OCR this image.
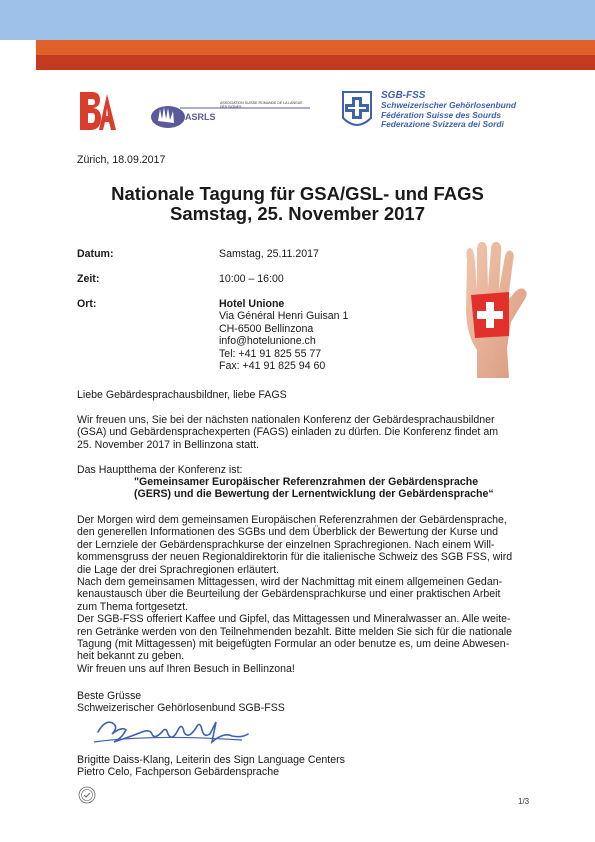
ASSOCIATION SUISSE ROMANDE DE LA LANGUE DES SIGNES
ASRLS
SGB-FSS
Schweizerischer Gehörlosenbund
Fédération Suisse des Sourds
Federazione Svizzera dei Sordi
Zürich, 18.09.2017
Nationale Tagung für GSA/GSL- und FAGS
Samstag, 25. November 2017
Datum:	Samstag, 25.11.2017
Zeit:	10:00 – 16:00
Ort:	Hotel Unione
Via Général Henri Guisan 1
CH-6500 Bellinzona
info@hotelunione.ch
Tel: +41 91 825 55 77
Fax: +41 91 825 94 60
Liebe Gebärdesprachausbildner, liebe FAGS
Wir freuen uns, Sie bei der nächsten nationalen Konferenz der Gebärdesprachausbildner
(GSA) und Gebärdensprachexperten (FAGS) einladen zu dürfen. Die Konferenz findet am
25. November 2017 in Bellinzona statt.
Das Hauptthema der Konferenz ist:
"Gemeinsamer Europäischer Referenzrahmen der Gebärdensprache
(GERS) und die Bewertung der Lernentwicklung der Gebärdensprache“
Der Morgen wird dem gemeinsamen Europäischen Referenzrahmen der Gebärdensprache,
den generellen Informationen des SGBs und dem Überblick der Bewertung der Kurse und
der Lernziele der Gebärdensprachkurse der einzelnen Sprachregionen. Nach einem Will-
kommensgruss der neuen Regionaldirektorin für die italienische Schweiz des SGB FSS, wird
die Lage der drei Sprachregionen erläutert.
Nach dem gemeinsamen Mittagessen, wird der Nachmittag mit einem allgemeinen Gedan-
kenaustausch über die Beurteilung der Gebärdensprachkurse und einer praktischen Arbeit
zum Thema fortgesetzt.
Der SGB-FSS offeriert Kaffee und Gipfel, das Mittagessen und Mineralwasser an. Alle weite-
ren Getränke werden von den Teilnehmenden bezahlt. Bitte melden Sie sich für die nationale
Tagung (mit Mittagessen) mit beigefügten Formular an oder benutze es, um deine Abwesen-
heit bekannt zu geben.
Wir freuen uns auf Ihren Besuch in Bellinzona!
Beste Grüsse
Schweizerischer Gehörlosenbund SGB-FSS
Brigitte Daiss-Klang, Leiterin des Sign Language Centers
Pietro Celo, Fachperson Gebärdensprache
1/3
